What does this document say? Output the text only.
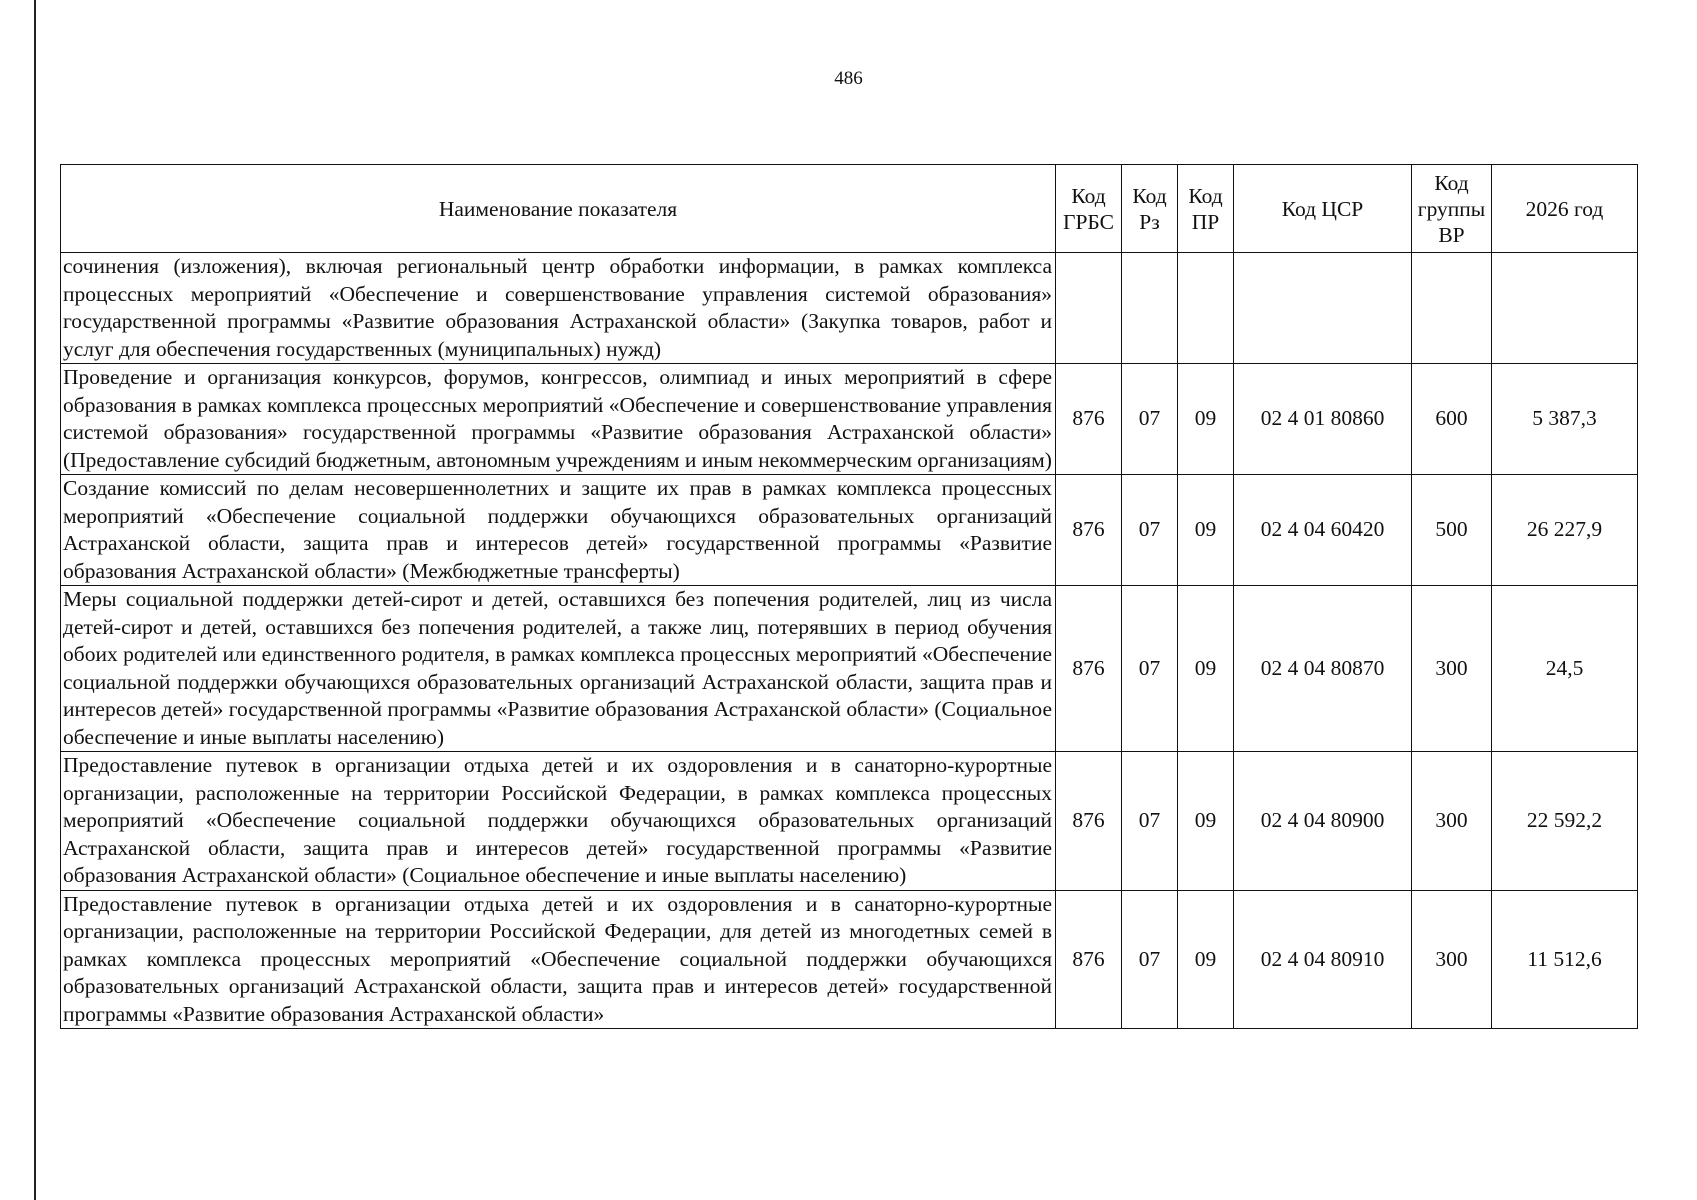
486
Наименование показателя	Код ГРБС	Код Рз	Код ПР	Код ЦСР	Код группы ВР	2026 год
сочинения (изложения), включая региональный центр обработки информации, в рамках комплекса процессных мероприятий «Обеспечение и совершенствование управления системой образования» государственной программы «Развитие образования Астраханской области» (Закупка товаров, работ и услуг для обеспечения государственных (муниципальных) нужд)						
Проведение и организация конкурсов, форумов, конгрессов, олимпиад и иных мероприятий в сфере образования в рамках комплекса процессных мероприятий «Обеспечение и совершенствование управления системой образования» государственной программы «Развитие образования Астраханской области» (Предоставление субсидий бюджетным, автономным учреждениям и иным некоммерческим организациям)	876	07	09	02 4 01 80860	600	5 387,3
Создание комиссий по делам несовершеннолетних и защите их прав в рамках комплекса процессных мероприятий «Обеспечение социальной поддержки обучающихся образовательных организаций Астраханской области, защита прав и интересов детей» государственной программы «Развитие образования Астраханской области» (Межбюджетные трансферты)	876	07	09	02 4 04 60420	500	26 227,9
Меры социальной поддержки детей-сирот и детей, оставшихся без попечения родителей, лиц из числа детей-сирот и детей, оставшихся без попечения родителей, а также лиц, потерявших в период обучения обоих родителей или единственного родителя, в рамках комплекса процессных мероприятий «Обеспечение социальной поддержки обучающихся образовательных организаций Астраханской области, защита прав и интересов детей» государственной программы «Развитие образования Астраханской области» (Социальное обеспечение и иные выплаты населению)	876	07	09	02 4 04 80870	300	24,5
Предоставление путевок в организации отдыха детей и их оздоровления и в санаторно-курортные организации, расположенные на территории Российской Федерации, в рамках комплекса процессных мероприятий «Обеспечение социальной поддержки обучающихся образовательных организаций Астраханской области, защита прав и интересов детей» государственной программы «Развитие образования Астраханской области» (Социальное обеспечение и иные выплаты населению)	876	07	09	02 4 04 80900	300	22 592,2
Предоставление путевок в организации отдыха детей и их оздоровления и в санаторно-курортные организации, расположенные на территории Российской Федерации, для детей из многодетных семей в рамках комплекса процессных мероприятий «Обеспечение социальной поддержки обучающихся образовательных организаций Астраханской области, защита прав и интересов детей» государственной программы «Развитие образования Астраханской области»	876	07	09	02 4 04 80910	300	11 512,6
